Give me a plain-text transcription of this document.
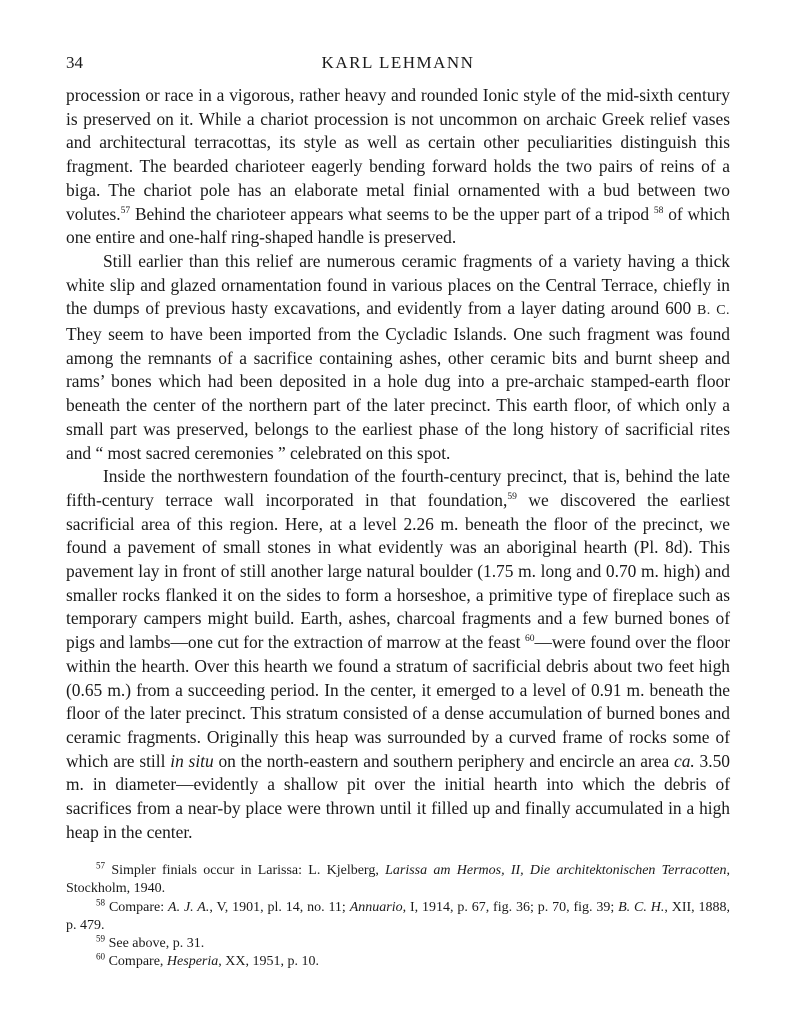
34	KARL LEHMANN

procession or race in a vigorous, rather heavy and rounded Ionic style of the mid-sixth century is preserved on it. While a chariot procession is not uncommon on archaic Greek relief vases and architectural terracottas, its style as well as certain other peculiarities distinguish this fragment. The bearded charioteer eagerly bending forward holds the two pairs of reins of a biga. The chariot pole has an elaborate metal finial ornamented with a bud between two volutes.$^{57}$ Behind the charioteer appears what seems to be the upper part of a tripod $^{58}$ of which one entire and one-half ring-shaped handle is preserved.

Still earlier than this relief are numerous ceramic fragments of a variety having a thick white slip and glazed ornamentation found in various places on the Central Terrace, chiefly in the dumps of previous hasty excavations, and evidently from a layer dating around 600 B. C. They seem to have been imported from the Cycladic Islands. One such fragment was found among the remnants of a sacrifice containing ashes, other ceramic bits and burnt sheep and rams’ bones which had been deposited in a hole dug into a pre-archaic stamped-earth floor beneath the center of the northern part of the later precinct. This earth floor, of which only a small part was preserved, belongs to the earliest phase of the long history of sacrificial rites and “ most sacred ceremonies ” celebrated on this spot.

Inside the northwestern foundation of the fourth-century precinct, that is, behind the late fifth-century terrace wall incorporated in that foundation,$^{59}$ we discovered the earliest sacrificial area of this region. Here, at a level 2.26 m. beneath the floor of the precinct, we found a pavement of small stones in what evidently was an aboriginal hearth (Pl. 8d). This pavement lay in front of still another large natural boulder (1.75 m. long and 0.70 m. high) and smaller rocks flanked it on the sides to form a horseshoe, a primitive type of fireplace such as temporary campers might build. Earth, ashes, charcoal fragments and a few burned bones of pigs and lambs—one cut for the extraction of marrow at the feast $^{60}$—were found over the floor within the hearth. Over this hearth we found a stratum of sacrificial debris about two feet high (0.65 m.) from a succeeding period. In the center, it emerged to a level of 0.91 m. beneath the floor of the later precinct. This stratum consisted of a dense accumulation of burned bones and ceramic fragments. Originally this heap was surrounded by a curved frame of rocks some of which are still in situ on the north-eastern and southern periphery and encircle an area ca. 3.50 m. in diameter—evidently a shallow pit over the initial hearth into which the debris of sacrifices from a near-by place were thrown until it filled up and finally accumulated in a high heap in the center.

$^{57}$ Simpler finials occur in Larissa: L. Kjelberg, Larissa am Hermos, II, Die architektonischen Terracotten, Stockholm, 1940.

$^{58}$ Compare: A. J. A., V, 1901, pl. 14, no. 11; Annuario, I, 1914, p. 67, fig. 36; p. 70, fig. 39; B. C. H., XII, 1888, p. 479.

$^{59}$ See above, p. 31.

$^{60}$ Compare, Hesperia, XX, 1951, p. 10.
